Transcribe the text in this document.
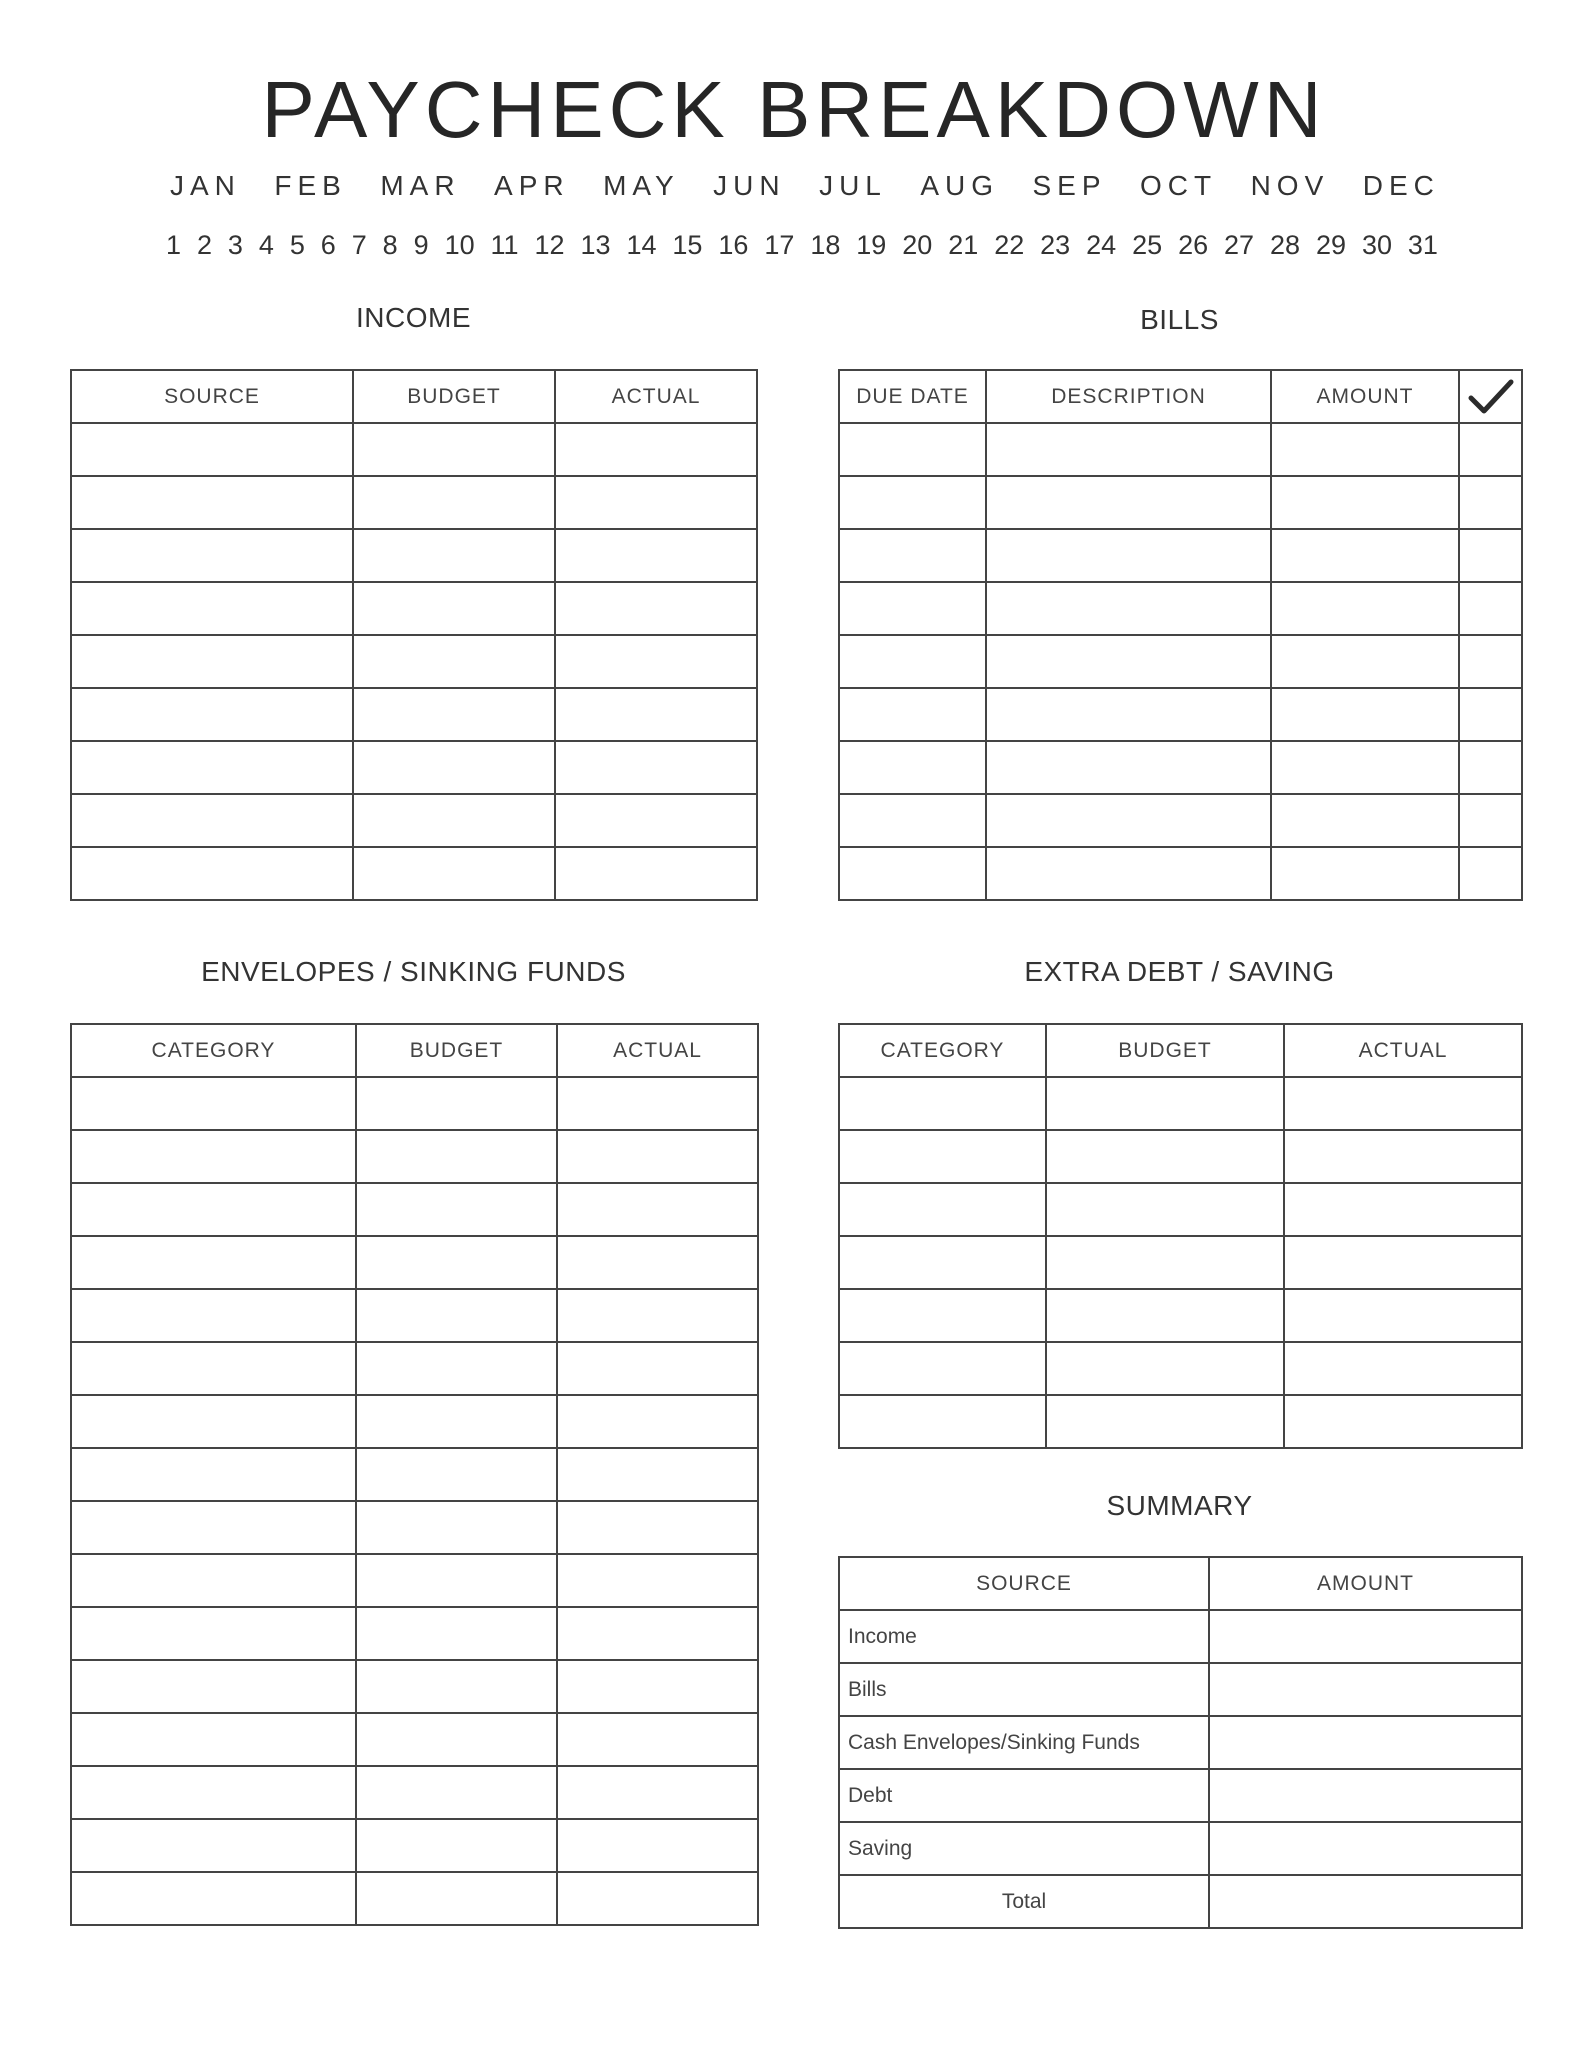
PAYCHECK BREAKDOWN
JAN FEB MAR APR MAY JUN JUL AUG SEP OCT NOV DEC
1 2 3 4 5 6 7 8 9 10 11 12 13 14 15 16 17 18 19 20 21 22 23 24 25 26 27 28 29 30 31
INCOME
SOURCE	BUDGET	ACTUAL

BILLS
DUE DATE	DESCRIPTION	AMOUNT	

ENVELOPES / SINKING FUNDS
CATEGORY	BUDGET	ACTUAL

EXTRA DEBT / SAVING
CATEGORY	BUDGET	ACTUAL

SUMMARY
SOURCE	AMOUNT
Income	
Bills	
Cash Envelopes/Sinking Funds	
Debt	
Saving	
Total	
